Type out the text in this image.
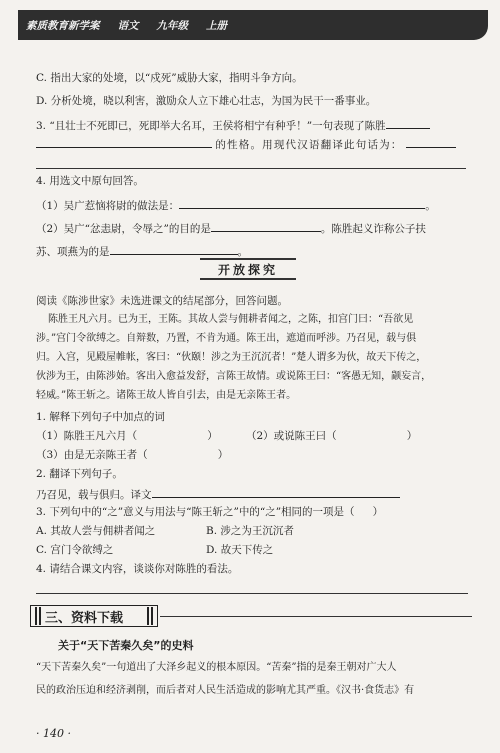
素质教育新学案 语文 九年级 上册
C. 指出大家的处境，以“戍死”威胁大家，指明斗争方向。
D. 分析处境，晓以利害，激励众人立下雄心壮志，为国为民干一番事业。
3. “且壮士不死即已，死即举大名耳，王侯将相宁有种乎！”一句表现了陈胜
的性格。用现代汉语翻译此句话为：
4. 用选文中原句回答。
（1）吴广惹恼将尉的做法是：	。
（2）吴广“忿恚尉，令辱之”的目的是	。陈胜起义诈称公子扶
苏、项燕为的是	。
开放探究
阅读《陈涉世家》未选进课文的结尾部分，回答问题。
陈胜王凡六月。已为王，王陈。其故人尝与佣耕者闻之，之陈，扣宫门曰：“吾欲见
涉。”宫门令欲缚之。自辩数，乃置，不肯为通。陈王出，遮道而呼涉。乃召见，载与俱
归。入宫，见殿屋帷帐，客曰：“伙颐！涉之为王沉沉者！”楚人谓多为伙，故天下传之，
伙涉为王，由陈涉始。客出入愈益发舒，言陈王故情。或说陈王曰：“客愚无知，颛妄言，
轻威。”陈王斩之。诸陈王故人皆自引去，由是无亲陈王者。
1. 解释下列句子中加点的词
（1）陈胜王凡六月（	）	（2）或说陈王曰（	）
（3）由是无亲陈王者（	）
2. 翻译下列句子。
乃召见，载与俱归。译文
3. 下列句中的“之”意义与用法与“陈王斩之”中的“之”相同的一项是（ ）
A. 其故人尝与佣耕者闻之	B. 涉之为王沉沉者
C. 宫门令欲缚之	D. 故天下传之
4. 请结合课文内容，谈谈你对陈胜的看法。
三、资料下载
关于“天下苦秦久矣”的史料
“天下苦秦久矣”一句道出了大泽乡起义的根本原因。“苦秦”指的是秦王朝对广大人
民的政治压迫和经济剥削，而后者对人民生活造成的影响尤其严重。《汉书·食货志》有
· 140 ·
